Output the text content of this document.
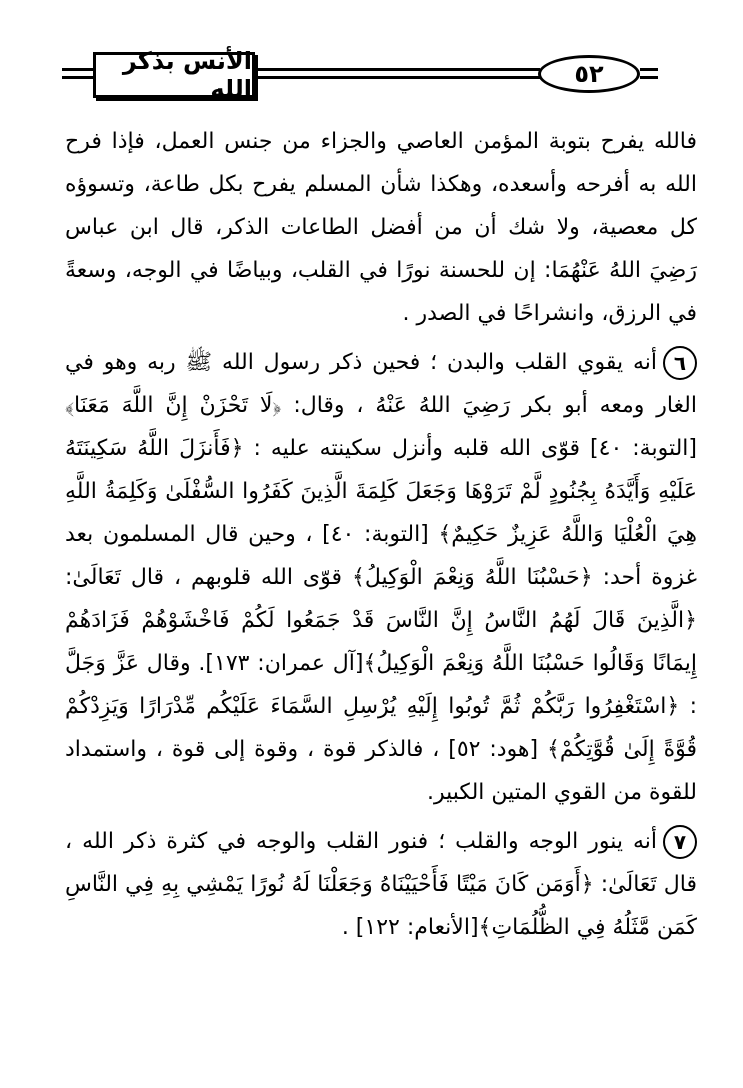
الأنس بذكر الله
٥٢

فالله يفرح بتوبة المؤمن العاصي والجزاء من جنس العمل، فإذا فرح الله به أفرحه وأسعده، وهكذا شأن المسلم يفرح بكل طاعة، وتسوؤه كل معصية، ولا شك أن من أفضل الطاعات الذكر، قال ابن عباس رَضِيَ اللهُ عَنْهُمَا: إن للحسنة نورًا في القلب، وبياضًا في الوجه، وسعةً في الرزق، وانشراحًا في الصدر .

٦أنه يقوي القلب والبدن ؛ فحين ذكر رسول الله ﷺ ربه وهو في الغار ومعه أبو بكر رَضِيَ اللهُ عَنْهُ ، وقال: ﴿لَا تَحْزَنْ إِنَّ اللَّهَ مَعَنَا﴾ [التوبة: ٤٠] قوّى الله قلبه وأنزل سكينته عليه : ﴿فَأَنزَلَ اللَّهُ سَكِينَتَهُ عَلَيْهِ وَأَيَّدَهُ بِجُنُودٍ لَّمْ تَرَوْهَا وَجَعَلَ كَلِمَةَ الَّذِينَ كَفَرُوا السُّفْلَىٰ وَكَلِمَةُ اللَّهِ هِيَ الْعُلْيَا وَاللَّهُ عَزِيزٌ حَكِيمٌ﴾ [التوبة: ٤٠] ، وحين قال المسلمون بعد غزوة أحد: ﴿حَسْبُنَا اللَّهُ وَنِعْمَ الْوَكِيلُ﴾ قوّى الله قلوبهم ، قال تَعَالَىٰ: ﴿الَّذِينَ قَالَ لَهُمُ النَّاسُ إِنَّ النَّاسَ قَدْ جَمَعُوا لَكُمْ فَاخْشَوْهُمْ فَزَادَهُمْ إِيمَانًا وَقَالُوا حَسْبُنَا اللَّهُ وَنِعْمَ الْوَكِيلُ﴾[آل عمران: ١٧٣]. وقال عَزَّ وَجَلَّ : ﴿اسْتَغْفِرُوا رَبَّكُمْ ثُمَّ تُوبُوا إِلَيْهِ يُرْسِلِ السَّمَاءَ عَلَيْكُم مِّدْرَارًا وَيَزِدْكُمْ قُوَّةً إِلَىٰ قُوَّتِكُمْ﴾ [هود: ٥٢] ، فالذكر قوة ، وقوة إلى قوة ، واستمداد للقوة من القوي المتين الكبير.

٧أنه ينور الوجه والقلب ؛ فنور القلب والوجه في كثرة ذكر الله ، قال تَعَالَىٰ: ﴿أَوَمَن كَانَ مَيْتًا فَأَحْيَيْنَاهُ وَجَعَلْنَا لَهُ نُورًا يَمْشِي بِهِ فِي النَّاسِ كَمَن مَّثَلُهُ فِي الظُّلُمَاتِ﴾[الأنعام: ١٢٢] .
